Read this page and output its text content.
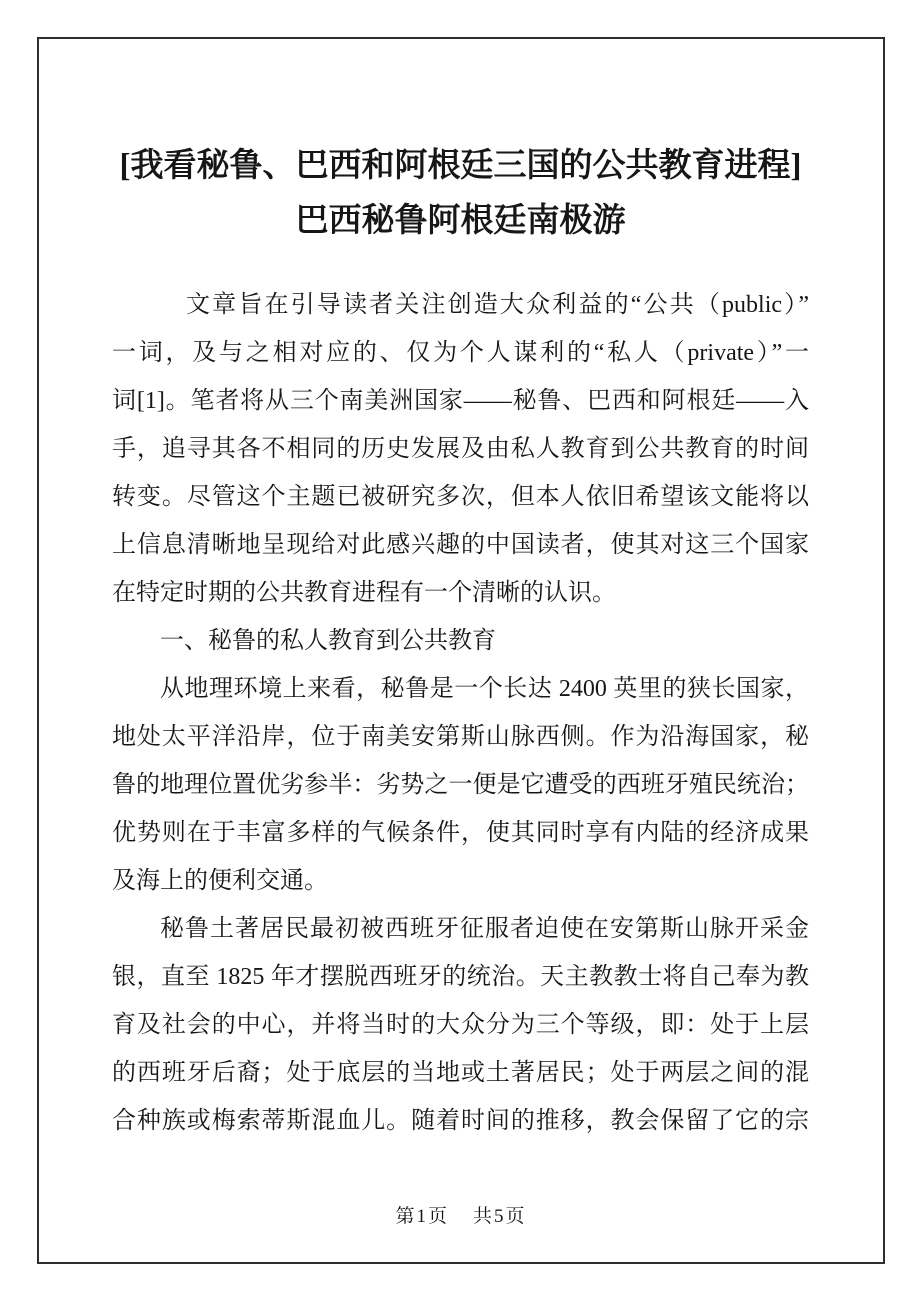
[我看秘鲁、巴西和阿根廷三国的公共教育进程]
巴西秘鲁阿根廷南极游
文章旨在引导读者关注创造大众利益的“公共（public）”
一词，及与之相对应的、仅为个人谋利的“私人（private）”一
词[1]。笔者将从三个南美洲国家——秘鲁、巴西和阿根廷——入
手，追寻其各不相同的历史发展及由私人教育到公共教育的时间
转变。尽管这个主题已被研究多次，但本人依旧希望该文能将以
上信息清晰地呈现给对此感兴趣的中国读者，使其对这三个国家
在特定时期的公共教育进程有一个清晰的认识。
一、秘鲁的私人教育到公共教育
从地理环境上来看，秘鲁是一个长达 2400 英里的狭长国家，
地处太平洋沿岸，位于南美安第斯山脉西侧。作为沿海国家，秘
鲁的地理位置优劣参半：劣势之一便是它遭受的西班牙殖民统治；
优势则在于丰富多样的气候条件，使其同时享有内陆的经济成果
及海上的便利交通。
秘鲁土著居民最初被西班牙征服者迫使在安第斯山脉开采金
银，直至 1825 年才摆脱西班牙的统治。天主教教士将自己奉为教
育及社会的中心，并将当时的大众分为三个等级，即：处于上层
的西班牙后裔；处于底层的当地或土著居民；处于两层之间的混
合种族或梅索蒂斯混血儿。随着时间的推移，教会保留了它的宗
第1页 共5页
